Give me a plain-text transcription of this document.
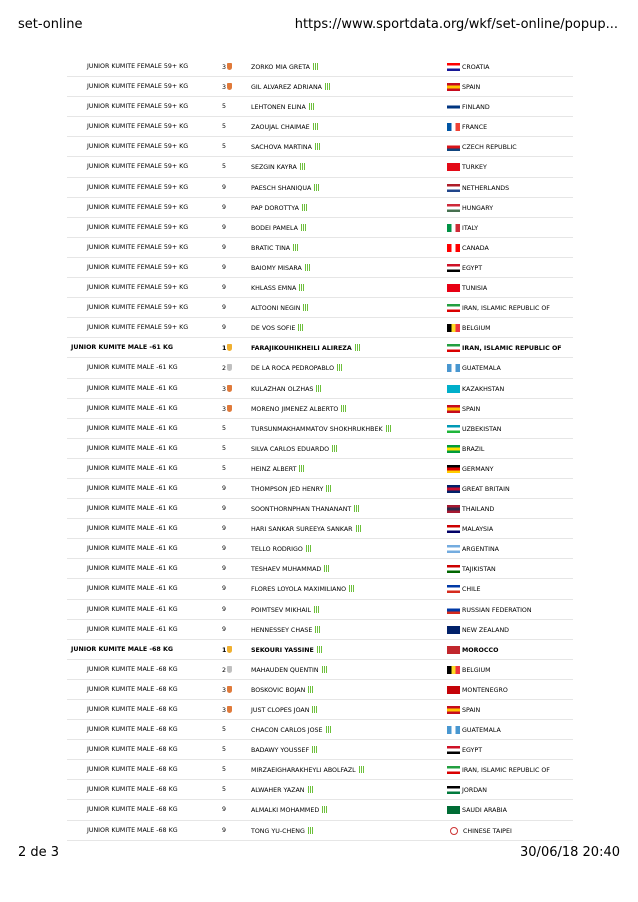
set-online	https://www.sportdata.org/wkf/set-online/popup...
JUNIOR KUMITE FEMALE 59+ KG	3	ZORKO MIA GRETA	CROATIA
JUNIOR KUMITE FEMALE 59+ KG	3	GIL ALVAREZ ADRIANA	SPAIN
JUNIOR KUMITE FEMALE 59+ KG	5	LEHTONEN ELINA	FINLAND
JUNIOR KUMITE FEMALE 59+ KG	5	ZAOUJAL CHAIMAE	FRANCE
JUNIOR KUMITE FEMALE 59+ KG	5	SACHOVA MARTINA	CZECH REPUBLIC
JUNIOR KUMITE FEMALE 59+ KG	5	SEZGIN KAYRA	TURKEY
JUNIOR KUMITE FEMALE 59+ KG	9	PAESCH SHANIQUA	NETHERLANDS
JUNIOR KUMITE FEMALE 59+ KG	9	PAP DOROTTYA	HUNGARY
JUNIOR KUMITE FEMALE 59+ KG	9	BODEI PAMELA	ITALY
JUNIOR KUMITE FEMALE 59+ KG	9	BRATIC TINA	CANADA
JUNIOR KUMITE FEMALE 59+ KG	9	BAIOMY MISARA	EGYPT
JUNIOR KUMITE FEMALE 59+ KG	9	KHLASS EMNA	TUNISIA
JUNIOR KUMITE FEMALE 59+ KG	9	ALTOONI NEGIN	IRAN, ISLAMIC REPUBLIC OF
JUNIOR KUMITE FEMALE 59+ KG	9	DE VOS SOFIE	BELGIUM
JUNIOR KUMITE MALE -61 KG	1	FARAJIKOUHIKHEILI ALIREZA	IRAN, ISLAMIC REPUBLIC OF
JUNIOR KUMITE MALE -61 KG	2	DE LA ROCA PEDROPABLO	GUATEMALA
JUNIOR KUMITE MALE -61 KG	3	KULAZHAN OLZHAS	KAZAKHSTAN
JUNIOR KUMITE MALE -61 KG	3	MORENO JIMENEZ ALBERTO	SPAIN
JUNIOR KUMITE MALE -61 KG	5	TURSUNMAKHAMMATOV SHOKHRUKHBEK	UZBEKISTAN
JUNIOR KUMITE MALE -61 KG	5	SILVA CARLOS EDUARDO	BRAZIL
JUNIOR KUMITE MALE -61 KG	5	HEINZ ALBERT	GERMANY
JUNIOR KUMITE MALE -61 KG	9	THOMPSON JED HENRY	GREAT BRITAIN
JUNIOR KUMITE MALE -61 KG	9	SOONTHORNPHAN THANANANT	THAILAND
JUNIOR KUMITE MALE -61 KG	9	HARI SANKAR SUREEYA SANKAR	MALAYSIA
JUNIOR KUMITE MALE -61 KG	9	TELLO RODRIGO	ARGENTINA
JUNIOR KUMITE MALE -61 KG	9	TESHAEV MUHAMMAD	TAJIKISTAN
JUNIOR KUMITE MALE -61 KG	9	FLORES LOYOLA MAXIMILIANO	CHILE
JUNIOR KUMITE MALE -61 KG	9	POIMTSEV MIKHAIL	RUSSIAN FEDERATION
JUNIOR KUMITE MALE -61 KG	9	HENNESSEY CHASE	NEW ZEALAND
JUNIOR KUMITE MALE -68 KG	1	SEKOURI YASSINE	MOROCCO
JUNIOR KUMITE MALE -68 KG	2	MAHAUDEN QUENTIN	BELGIUM
JUNIOR KUMITE MALE -68 KG	3	BOSKOVIC BOJAN	MONTENEGRO
JUNIOR KUMITE MALE -68 KG	3	JUST CLOPES JOAN	SPAIN
JUNIOR KUMITE MALE -68 KG	5	CHACON CARLOS JOSE	GUATEMALA
JUNIOR KUMITE MALE -68 KG	5	BADAWY YOUSSEF	EGYPT
JUNIOR KUMITE MALE -68 KG	5	MIRZAEIGHARAKHEYLI ABOLFAZL	IRAN, ISLAMIC REPUBLIC OF
JUNIOR KUMITE MALE -68 KG	5	ALWAHER YAZAN	JORDAN
JUNIOR KUMITE MALE -68 KG	9	ALMALKI MOHAMMED	SAUDI ARABIA
JUNIOR KUMITE MALE -68 KG	9	TONG YU-CHENG	CHINESE TAIPEI
2 de 3	30/06/18 20:40
